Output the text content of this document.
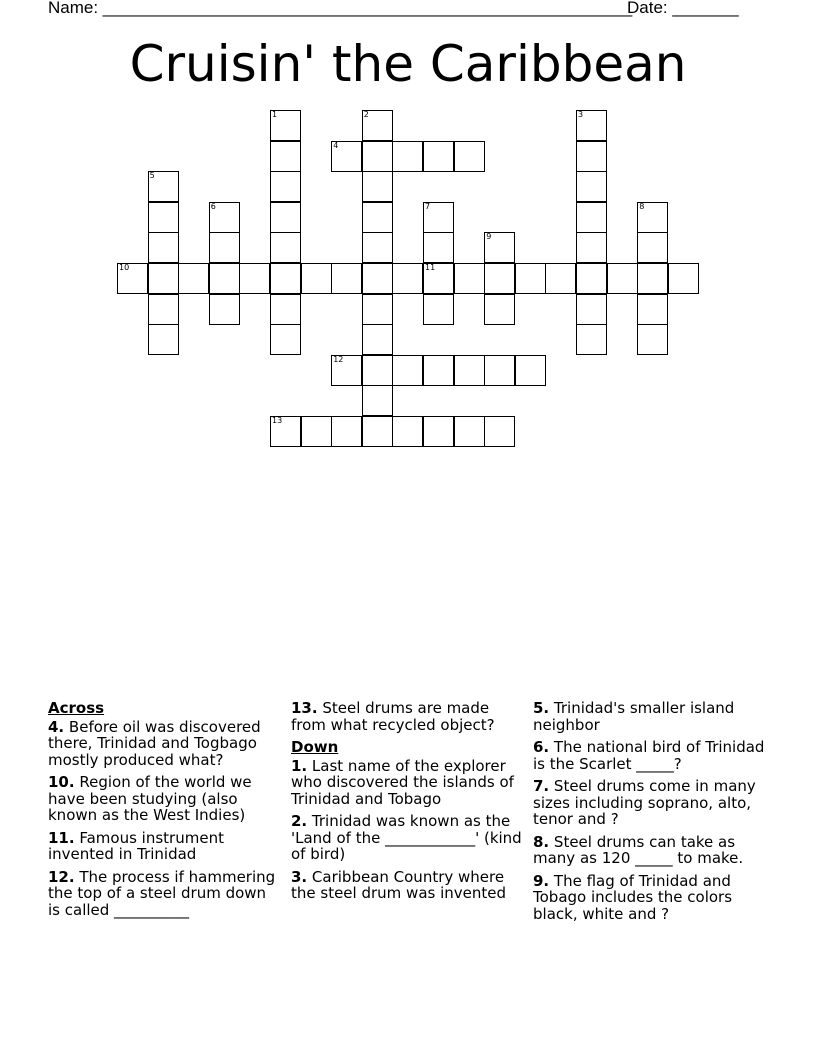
Name: ________________________________________________________
Date: _______
Cruisin' the Caribbean
4
10	11
12
13
1	2	3
5
6	7	8
9
Across
4. Before oil was discovered there, Trinidad and Togbago mostly produced what?
10. Region of the world we have been studying (also known as the West Indies)
11. Famous instrument invented in Trinidad
12. The process if hammering the top of a steel drum down is called __________
13. Steel drums are made from what recycled object?
Down
1. Last name of the explorer who discovered the islands of Trinidad and Tobago
2. Trinidad was known as the 'Land of the ____________' (kind of bird)
3. Caribbean Country where the steel drum was invented
5. Trinidad's smaller island neighbor
6. The national bird of Trinidad is the Scarlet _____?
7. Steel drums come in many sizes including soprano, alto, tenor and ?
8. Steel drums can take as many as 120 _____ to make.
9. The flag of Trinidad and Tobago includes the colors black, white and ?
